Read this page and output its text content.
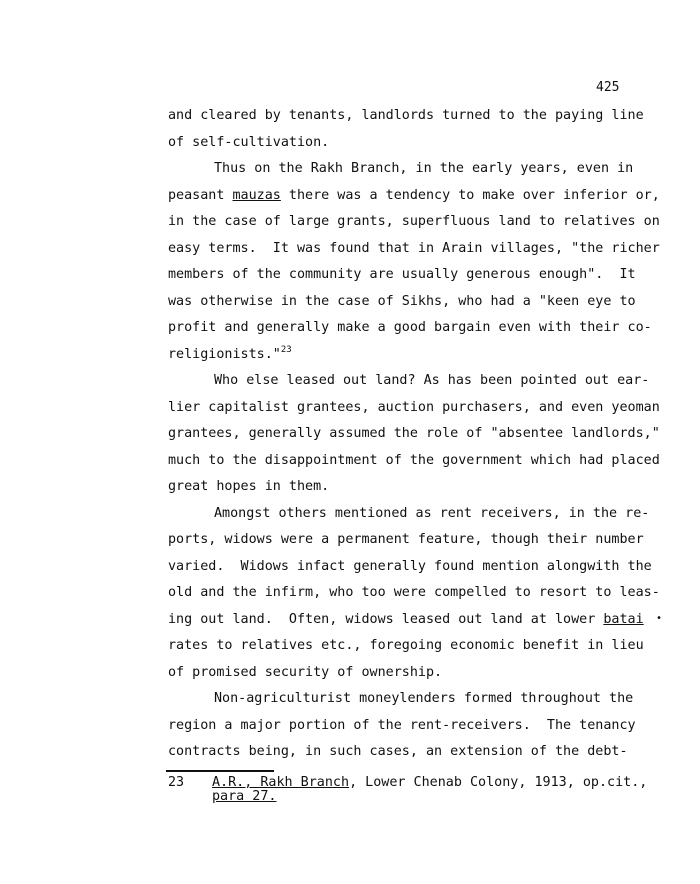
425
and cleared by tenants, landlords turned to the paying line
of self-cultivation.
Thus on the Rakh Branch, in the early years, even in
peasant mauzas there was a tendency to make over inferior or,
in the case of large grants, superfluous land to relatives on
easy terms.  It was found that in Arain villages, "the richer
members of the community are usually generous enough".  It
was otherwise in the case of Sikhs, who had a "keen eye to
profit and generally make a good bargain even with their co-
religionists."$^{23}$
Who else leased out land? As has been pointed out ear-
lier capitalist grantees, auction purchasers, and even yeoman
grantees, generally assumed the role of "absentee landlords,"
much to the disappointment of the government which had placed
great hopes in them.
Amongst others mentioned as rent receivers, in the re-
ports, widows were a permanent feature, though their number
varied.  Widows infact generally found mention alongwith the
old and the infirm, who too were compelled to resort to leas-
ing out land.  Often, widows leased out land at lower batai
rates to relatives etc., foregoing economic benefit in lieu
of promised security of ownership.
Non-agriculturist moneylenders formed throughout the
region a major portion of the rent-receivers.  The tenancy
contracts being, in such cases, an extension of the debt-
23 A.R., Rakh Branch, Lower Chenab Colony, 1913, op.cit.,
para 27.
•
